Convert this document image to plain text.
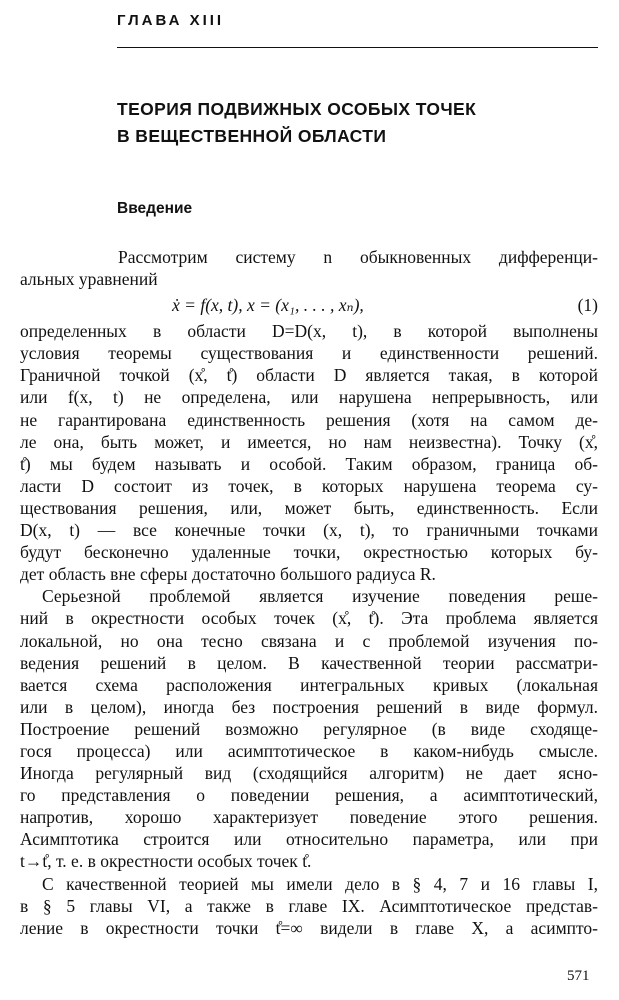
ГЛАВА XIII
ТЕОРИЯ ПОДВИЖНЫХ ОСОБЫХ ТОЧЕК
В ВЕЩЕСТВЕННОЙ ОБЛАСТИ
Введение
Рассмотрим систему n обыкновенных дифференци-
альных уравнений
ẋ = f(x, t), x = (x₁, . . . , xₙ),	(1)
определенных в области D=D(x, t), в которой выполнены
условия теоремы существования и единственности решений.
Граничной точкой (x̊, t̊) области D является такая, в которой
или f(x, t) не определена, или нарушена непрерывность, или
не гарантирована единственность решения (хотя на самом де-
ле она, быть может, и имеется, но нам неизвестна). Точку (x̊,
t̊) мы будем называть и особой. Таким образом, граница об-
ласти D состоит из точек, в которых нарушена теорема су-
ществования решения, или, может быть, единственность. Если
D(x, t) — все конечные точки (x, t), то граничными точками
будут бесконечно удаленные точки, окрестностью которых бу-
дет область вне сферы достаточно большого радиуса R.
Серьезной проблемой является изучение поведения реше-
ний в окрестности особых точек (x̊, t̊). Эта проблема является
локальной, но она тесно связана и с проблемой изучения по-
ведения решений в целом. В качественной теории рассматри-
вается схема расположения интегральных кривых (локальная
или в целом), иногда без построения решений в виде формул.
Построение решений возможно регулярное (в виде сходяще-
гося процесса) или асимптотическое в каком-нибудь смысле.
Иногда регулярный вид (сходящийся алгоритм) не дает ясно-
го представления о поведении решения, а асимптотический,
напротив, хорошо характеризует поведение этого решения.
Асимптотика строится или относительно параметра, или при
t→t̊, т. е. в окрестности особых точек t̊.
С качественной теорией мы имели дело в § 4, 7 и 16 главы I,
в § 5 главы VI, а также в главе IX. Асимптотическое представ-
ление в окрестности точки t̊=∞ видели в главе X, а асимпто-
571
